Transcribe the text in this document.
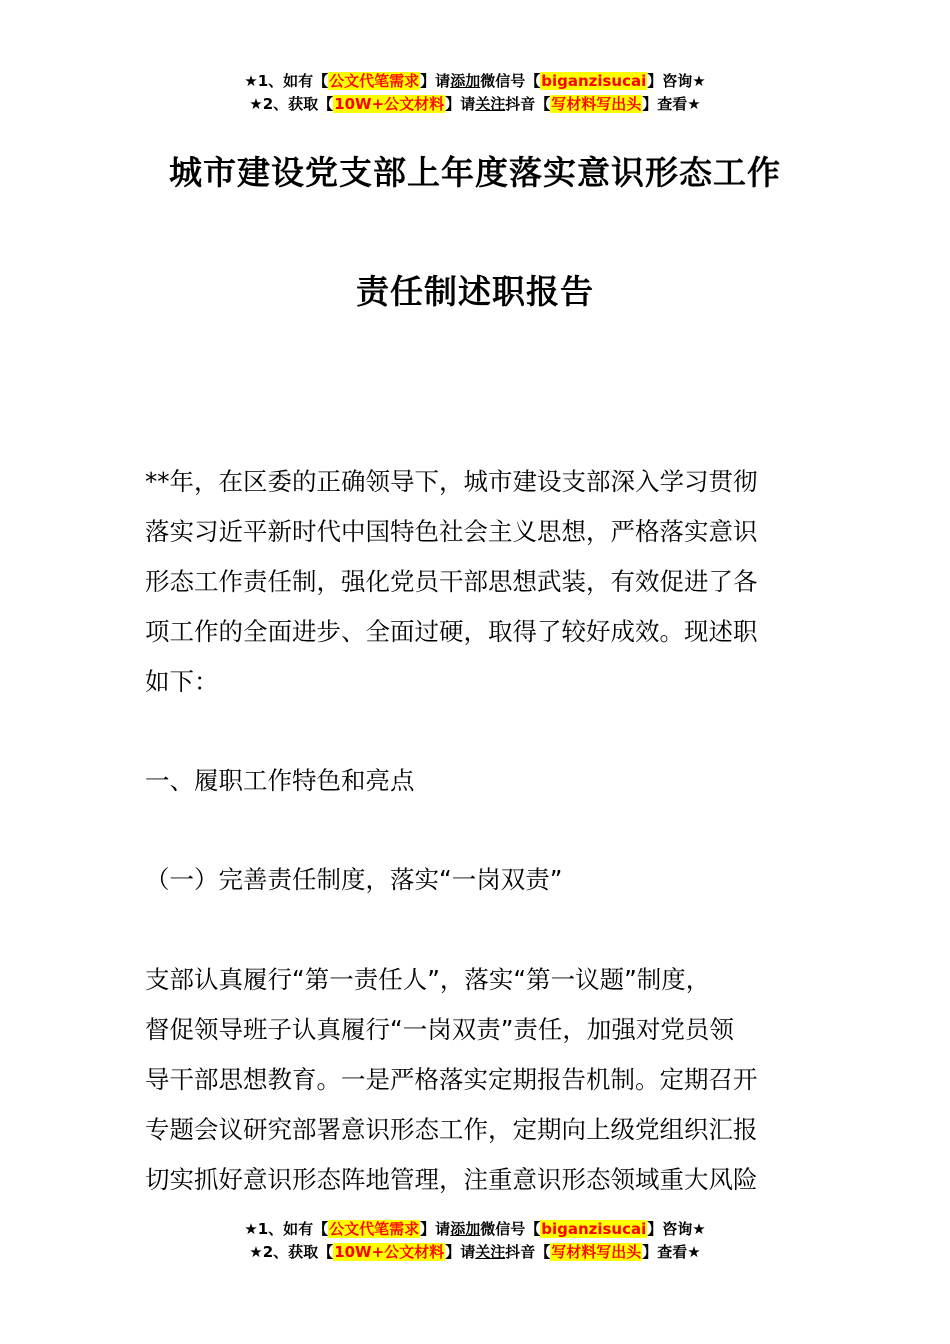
★1、如有【公文代笔需求】请添加微信号【biganzisucai】咨询★
★2、获取【10W+公文材料】请关注抖音【写材料写出头】查看★
城市建设党支部上年度落实意识形态工作
责任制述职报告

**年，在区委的正确领导下，城市建设支部深入学习贯彻
落实习近平新时代中国特色社会主义思想，严格落实意识
形态工作责任制，强化党员干部思想武装，有效促进了各
项工作的全面进步、全面过硬，取得了较好成效。现述职
如下：

一、履职工作特色和亮点

（一）完善责任制度，落实“一岗双责”

支部认真履行“第一责任人”，落实“第一议题”制度，
督促领导班子认真履行“一岗双责”责任，加强对党员领
导干部思想教育。一是严格落实定期报告机制。定期召开
专题会议研究部署意识形态工作，定期向上级党组织汇报
切实抓好意识形态阵地管理，注重意识形态领域重大风险

★1、如有【公文代笔需求】请添加微信号【biganzisucai】咨询★
★2、获取【10W+公文材料】请关注抖音【写材料写出头】查看★
